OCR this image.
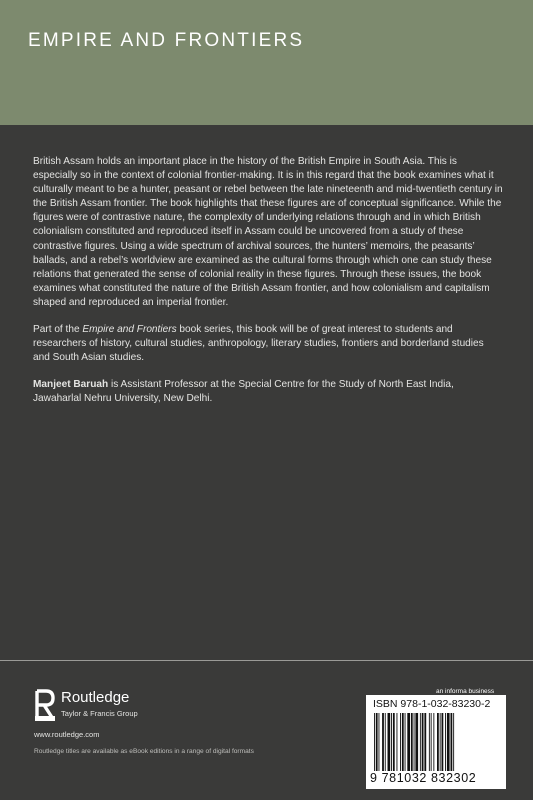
EMPIRE AND FRONTIERS

British Assam holds an important place in the history of the British Empire in South Asia. This is especially so in the context of colonial frontier-making. It is in this regard that the book examines what it culturally meant to be a hunter, peasant or rebel between the late nineteenth and mid-twentieth century in the British Assam frontier. The book highlights that these figures are of conceptual significance. While the figures were of contrastive nature, the complexity of underlying relations through and in which British colonialism constituted and reproduced itself in Assam could be uncovered from a study of these contrastive figures. Using a wide spectrum of archival sources, the hunters’ memoirs, the peasants’ ballads, and a rebel’s worldview are examined as the cultural forms through which one can study these relations that generated the sense of colonial reality in these figures. Through these issues, the book examines what constituted the nature of the British Assam frontier, and how colonialism and capitalism shaped and reproduced an imperial frontier.

Part of the Empire and Frontiers book series, this book will be of great interest to students and researchers of history, cultural studies, anthropology, literary studies, frontiers and borderland studies and South Asian studies.

Manjeet Baruah is Assistant Professor at the Special Centre for the Study of North East India, Jawaharlal Nehru University, New Delhi.

Routledge
Taylor & Francis Group
www.routledge.com
Routledge titles are available as eBook editions in a range of digital formats
an informa business
ISBN 978-1-032-83230-2
9 781032 832302
